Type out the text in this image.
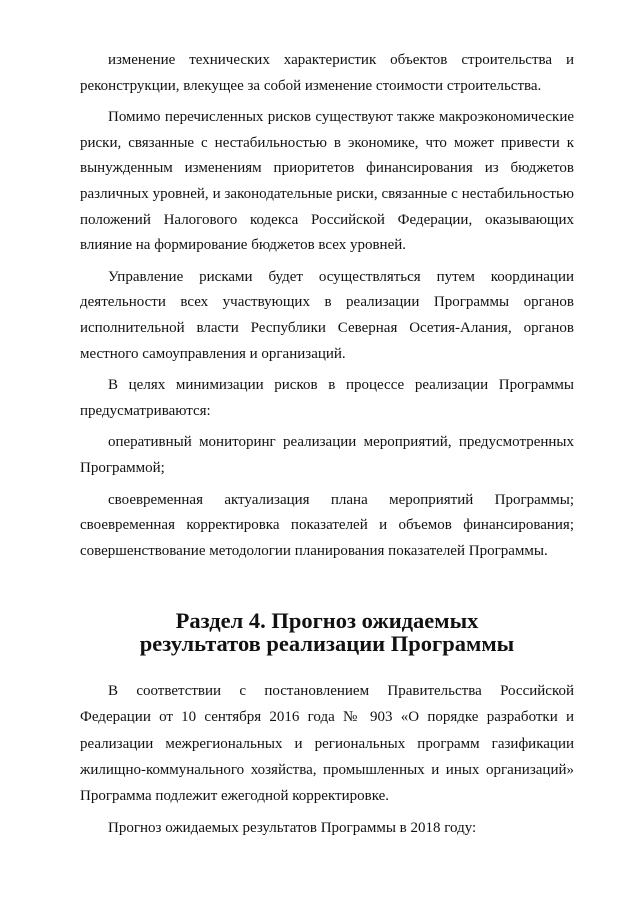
изменение технических характеристик объектов строительства и реконструкции, влекущее за собой изменение стоимости строительства.

Помимо перечисленных рисков существуют также макроэкономические риски, связанные с нестабильностью в экономике, что может привести к вынужденным изменениям приоритетов финансирования из бюджетов различных уровней, и законодательные риски, связанные с нестабильностью положений Налогового кодекса Российской Федерации, оказывающих влияние на формирование бюджетов всех уровней.

Управление рисками будет осуществляться путем координации деятельности всех участвующих в реализации Программы органов исполнительной власти Республики Северная Осетия-Алания, органов местного самоуправления и организаций.

В целях минимизации рисков в процессе реализации Программы предусматриваются:

оперативный мониторинг реализации мероприятий, предусмотренных Программой;

своевременная актуализация плана мероприятий Программы; своевременная корректировка показателей и объемов финансирования; совершенствование методологии планирования показателей Программы.

Раздел 4. Прогноз ожидаемых результатов реализации Программы

В соответствии с постановлением Правительства Российской Федерации от 10 сентября 2016 года № 903 «О порядке разработки и реализации межрегиональных и региональных программ газификации жилищно-коммунального хозяйства, промышленных и иных организаций» Программа подлежит ежегодной корректировке.

Прогноз ожидаемых результатов Программы в 2018 году:
